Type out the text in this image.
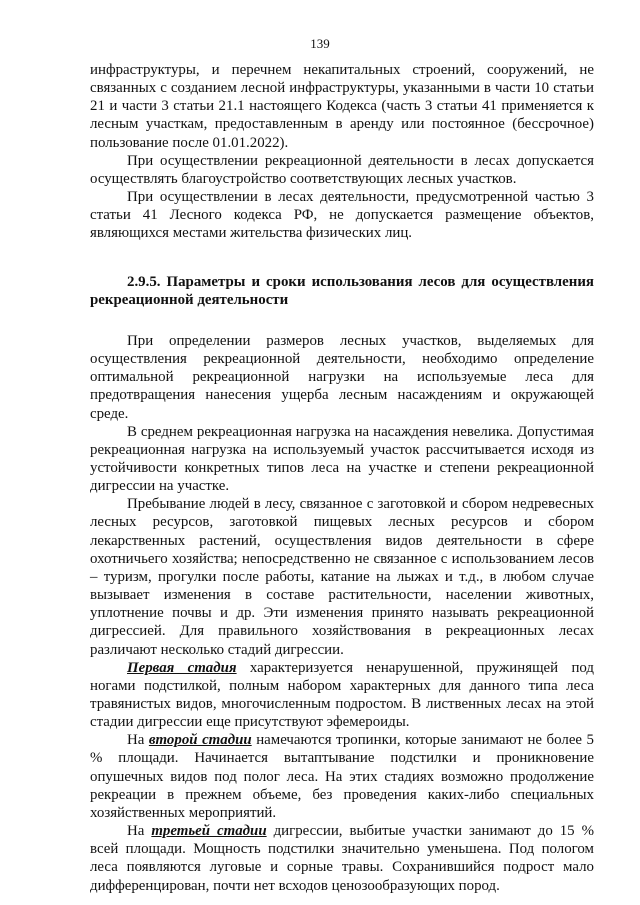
139

инфраструктуры, и перечнем некапитальных строений, сооружений, не связанных с созданием лесной инфраструктуры, указанными в части 10 статьи 21 и части 3 статьи 21.1 настоящего Кодекса (часть 3 статьи 41 применяется к лесным участкам, предоставленным в аренду или постоянное (бессрочное) пользование после 01.01.2022).

При осуществлении рекреационной деятельности в лесах допускается осуществлять благоустройство соответствующих лесных участков.

При осуществлении в лесах деятельности, предусмотренной частью 3 статьи 41 Лесного кодекса РФ, не допускается размещение объектов, являющихся местами жительства физических лиц.

2.9.5. Параметры и сроки использования лесов для осуществления рекреационной деятельности

При определении размеров лесных участков, выделяемых для осуществления рекреационной деятельности, необходимо определение оптимальной рекреационной нагрузки на используемые леса для предотвращения нанесения ущерба лесным насаждениям и окружающей среде.

В среднем рекреационная нагрузка на насаждения невелика. Допустимая рекреационная нагрузка на используемый участок рассчитывается исходя из устойчивости конкретных типов леса на участке и степени рекреационной дигрессии на участке.

Пребывание людей в лесу, связанное с заготовкой и сбором недревесных лесных ресурсов, заготовкой пищевых лесных ресурсов и сбором лекарственных растений, осуществления видов деятельности в сфере охотничьего хозяйства; непосредственно не связанное с использованием лесов – туризм, прогулки после работы, катание на лыжах и т.д., в любом случае вызывает изменения в составе растительности, населении животных, уплотнение почвы и др. Эти изменения принято называть рекреационной дигрессией. Для правильного хозяйствования в рекреационных лесах различают несколько стадий дигрессии.

Первая стадия характеризуется ненарушенной, пружинящей под ногами подстилкой, полным набором характерных для данного типа леса травянистых видов, многочисленным подростом. В лиственных лесах на этой стадии дигрессии еще присутствуют эфемероиды.

На второй стадии намечаются тропинки, которые занимают не более 5 % площади. Начинается вытаптывание подстилки и проникновение опушечных видов под полог леса. На этих стадиях возможно продолжение рекреации в прежнем объеме, без проведения каких-либо специальных хозяйственных мероприятий.

На третьей стадии дигрессии, выбитые участки занимают до 15 % всей площади. Мощность подстилки значительно уменьшена. Под пологом леса появляются луговые и сорные травы. Сохранившийся подрост мало дифференцирован, почти нет всходов ценозообразующих пород.
